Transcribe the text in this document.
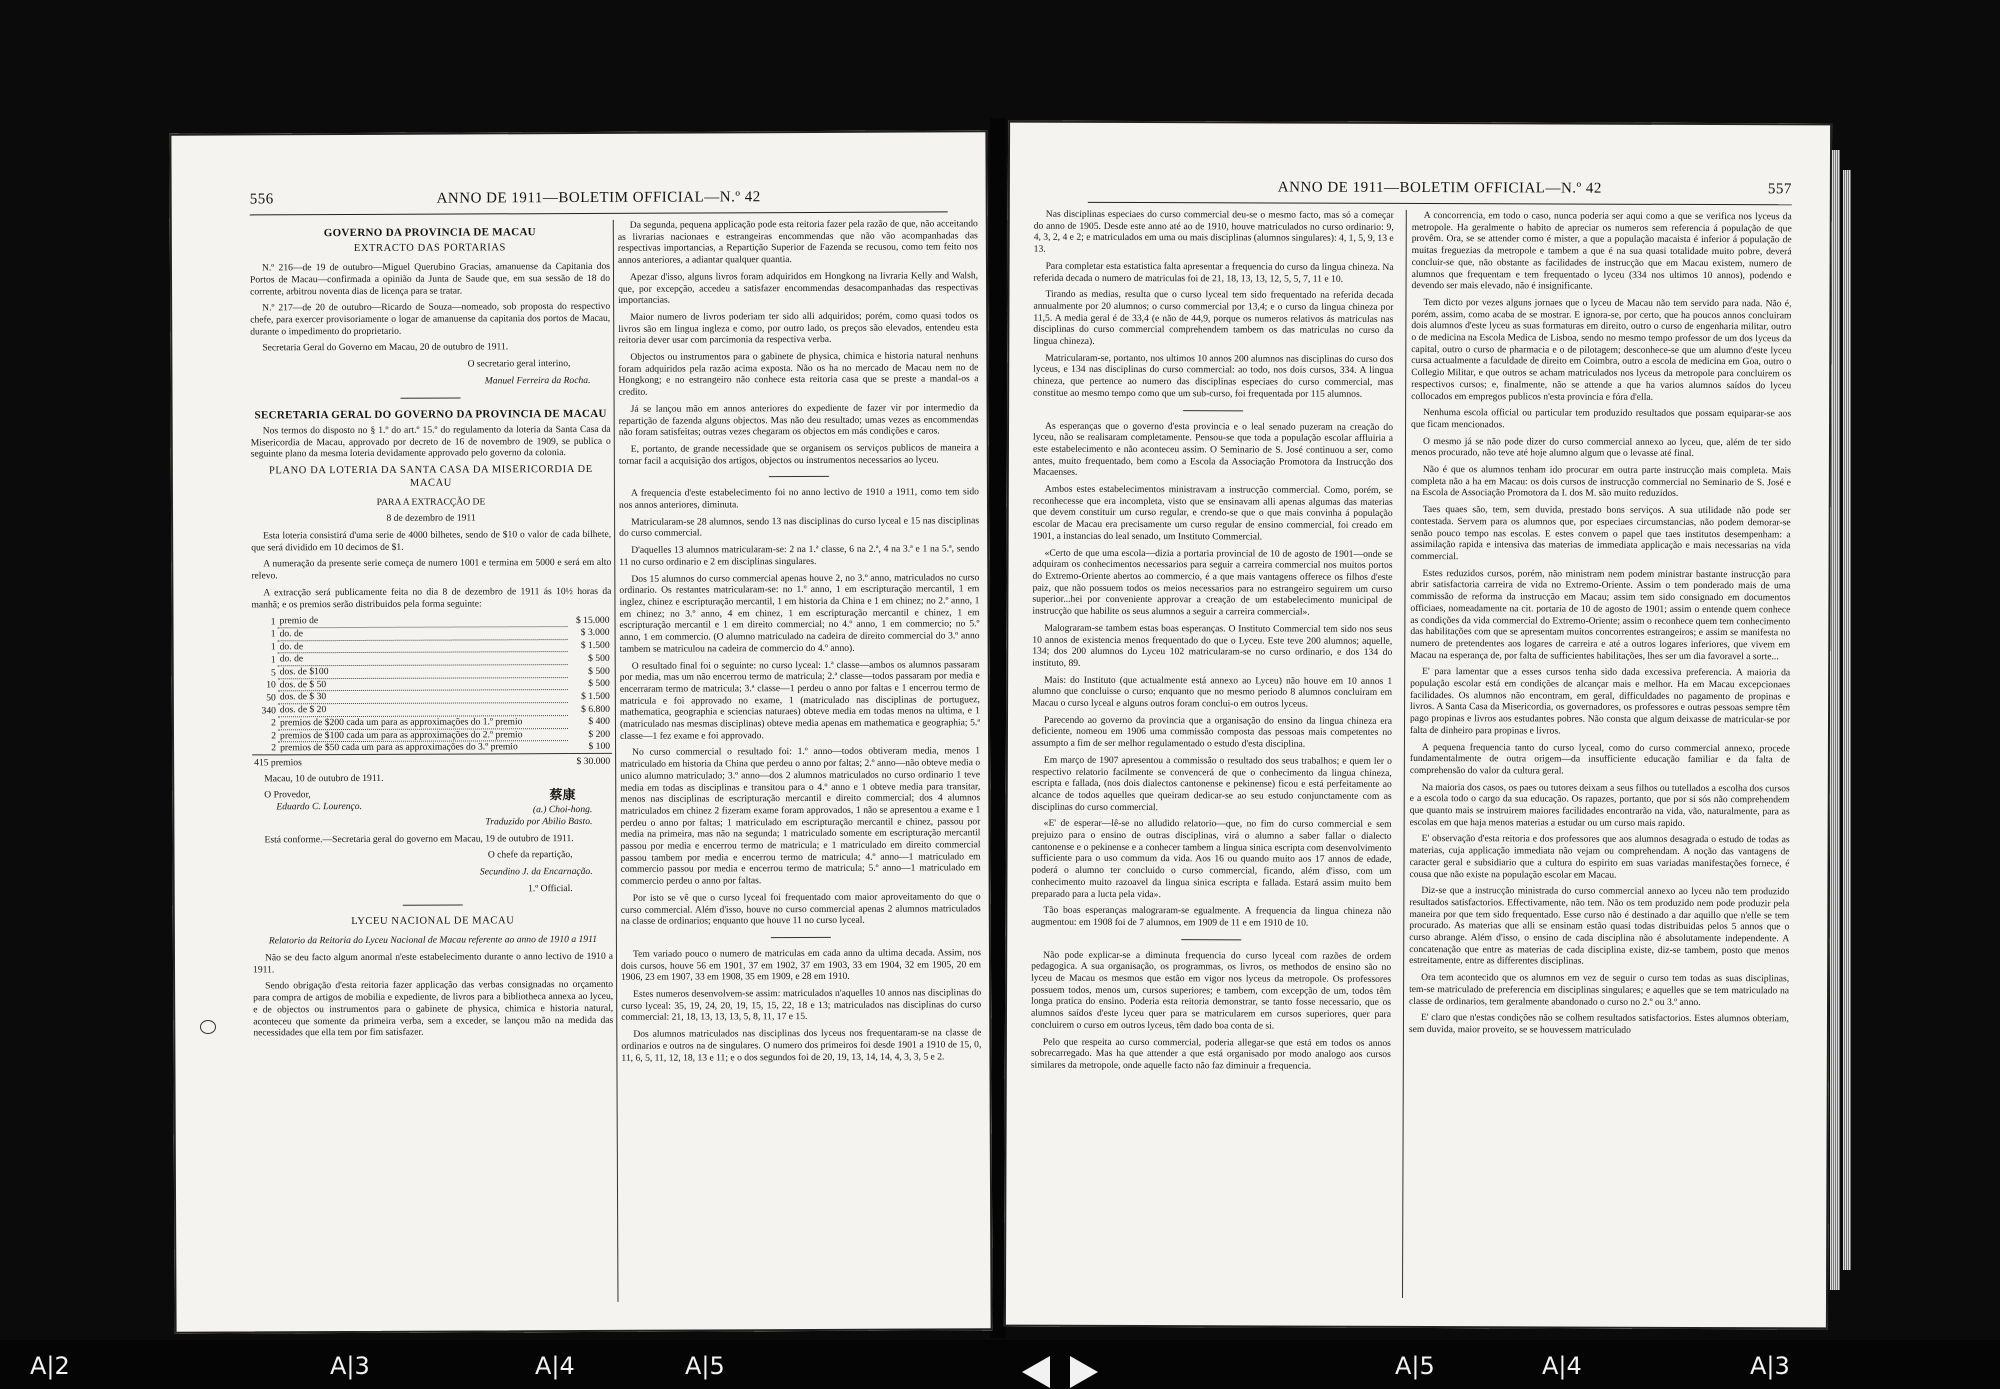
556	ANNO DE 1911—BOLETIM OFFICIAL—N.º 42
GOVERNO DA PROVINCIA DE MACAU
EXTRACTO DAS PORTARIAS

N.º 216—de 19 de outubro—Miguel Querubino Gracias, amanuense da Capitania dos Portos de Macau—confirmada a opinião da Junta de Saude que, em sua sessão de 18 do corrente, arbitrou noventa dias de licença para se tratar.

N.º 217—de 20 de outubro—Ricardo de Souza—nomeado, sob proposta do respectivo chefe, para exercer provisoriamente o logar de amanuense da capitania dos portos de Macau, durante o impedimento do proprietario.

Secretaria Geral do Governo em Macau, 20 de outubro de 1911.

O secretario geral interino,

Manuel Ferreira da Rocha.

SECRETARIA GERAL DO GOVERNO DA PROVINCIA DE MACAU

Nos termos do disposto no § 1.º do art.º 15.º do regulamento da loteria da Santa Casa da Misericordia de Macau, approvado por decreto de 16 de novembro de 1909, se publica o seguinte plano da mesma loteria devidamente approvado pelo governo da colonia.

PLANO DA LOTERIA DA SANTA CASA DA MISERICORDIA DE MACAU

PARA A EXTRACÇÃO DE

8 de dezembro de 1911

Esta loteria consistirá d'uma serie de 4000 bilhetes, sendo de $10 o valor de cada bilhete, que será dividido em 10 decimos de $1.

A numeração da presente serie começa de numero 1001 e termina em 5000 e será em alto relevo.

A extracção será publicamente feita no dia 8 de dezembro de 1911 ás 10½ horas da manhã; e os premios serão distribuidos pela forma seguinte:

1	premio de	$ 15.000
1	do. de	$ 3.000
1	do. de	$ 1.500
1	do. de	$ 500
5	dos. de $100	$ 500
10	dos. de $ 50	$ 500
50	dos. de $ 30	$ 1.500
340	dos. de $ 20	$ 6.800
2	premios de $200 cada um para as approximações do 1.º premio	$ 400
2	premios de $100 cada um para as approximações do 2.º premio	$ 200
2	premios de $50 cada um para as approximações do 3.º premio	$ 100
415 premios		$ 30.000

Macau, 10 de outubro de 1911.

O Provedor,

Eduardo C. Lourenço.

蔡康
(a.) Choi-hong.

Traduzido por Abilio Basto.

Está conforme.—Secretaria geral do governo em Macau, 19 de outubro de 1911.

O chefe da repartição,

Secundino J. da Encarnação.

1.º Official.

LYCEU NACIONAL DE MACAU

Relatorio da Reitoria do Lyceu Nacional de Macau referente ao anno de 1910 a 1911

Não se deu facto algum anormal n'este estabelecimento durante o anno lectivo de 1910 a 1911.

Sendo obrigação d'esta reitoria fazer applicação das verbas consignadas no orçamento para compra de artigos de mobilia e expediente, de livros para a bibliotheca annexa ao lyceu, e de objectos ou instrumentos para o gabinete de physica, chimica e historia natural, aconteceu que somente da primeira verba, sem a exceder, se lançou mão na medida das necessidades que ella tem por fim satisfazer.

Da segunda, pequena applicação pode esta reitoria fazer pela razão de que, não acceitando as livrarias nacionaes e estrangeiras encommendas que não vão acompanhadas das respectivas importancias, a Repartição Superior de Fazenda se recusou, como tem feito nos annos anteriores, a adiantar qualquer quantia.

Apezar d'isso, alguns livros foram adquiridos em Hongkong na livraria Kelly and Walsh, que, por excepção, accedeu a satisfazer encommendas desacompanhadas das respectivas importancias.

Maior numero de livros poderiam ter sido alli adquiridos; porém, como quasi todos os livros são em lingua ingleza e como, por outro lado, os preços são elevados, entendeu esta reitoria dever usar com parcimonia da respectiva verba.

Objectos ou instrumentos para o gabinete de physica, chimica e historia natural nenhuns foram adquiridos pela razão acima exposta. Não os ha no mercado de Macau nem no de Hongkong; e no estrangeiro não conhece esta reitoria casa que se preste a mandal-os a credito.

Já se lançou mão em annos anteriores do expediente de fazer vir por intermedio da repartição de fazenda alguns objectos. Mas não deu resultado; umas vezes as encommendas não foram satisfeitas; outras vezes chegaram os objectos em más condições e caros.

E, portanto, de grande necessidade que se organisem os serviços publicos de maneira a tornar facil a acquisição dos artigos, objectos ou instrumentos necessarios ao lyceu.

A frequencia d'este estabelecimento foi no anno lectivo de 1910 a 1911, como tem sido nos annos anteriores, diminuta.

Matricularam-se 28 alumnos, sendo 13 nas disciplinas do curso lyceal e 15 nas disciplinas do curso commercial.

D'aquelles 13 alumnos matricularam-se: 2 na 1.ª classe, 6 na 2.ª, 4 na 3.ª e 1 na 5.ª, sendo 11 no curso ordinario e 2 em disciplinas singulares.

Dos 15 alumnos do curso commercial apenas houve 2, no 3.º anno, matriculados no curso ordinario. Os restantes matricularam-se: no 1.º anno, 1 em escripturação mercantil, 1 em inglez, chinez e escripturação mercantil, 1 em historia da China e 1 em chinez; no 2.º anno, 1 em chinez; no 3.º anno, 4 em chinez, 1 em escripturação mercantil e chinez, 1 em escripturação mercantil e 1 em direito commercial; no 4.º anno, 1 em commercio; no 5.º anno, 1 em commercio. (O alumno matriculado na cadeira de direito commercial do 3.º anno tambem se matriculou na cadeira de commercio do 4.º anno).

O resultado final foi o seguinte: no curso lyceal: 1.ª classe—ambos os alumnos passaram por media, mas um não encerrou termo de matricula; 2.ª classe—todos passaram por media e encerraram termo de matricula; 3.ª classe—1 perdeu o anno por faltas e 1 encerrou termo de matricula e foi approvado no exame, 1 (matriculado nas disciplinas de portuguez, mathematica, geographia e sciencias naturaes) obteve media em todas menos na ultima, e 1 (matriculado nas mesmas disciplinas) obteve media apenas em mathematica e geographia; 5.ª classe—1 fez exame e foi approvado.

No curso commercial o resultado foi: 1.º anno—todos obtiveram media, menos 1 matriculado em historia da China que perdeu o anno por faltas; 2.º anno—não obteve media o unico alumno matriculado; 3.º anno—dos 2 alumnos matriculados no curso ordinario 1 teve media em todas as disciplinas e transitou para o 4.º anno e 1 obteve media para transitar, menos nas disciplinas de escripturação mercantil e direito commercial; dos 4 alumnos matriculados em chinez 2 fizeram exame foram approvados, 1 não se apresentou a exame e 1 perdeu o anno por faltas; 1 matriculado em escripturação mercantil e chinez, passou por media na primeira, mas não na segunda; 1 matriculado somente em escripturação mercantil passou por media e encerrou termo de matricula; e 1 matriculado em direito commercial passou tambem por media e encerrou termo de matricula; 4.º anno—1 matriculado em commercio passou por media e encerrou termo de matricula; 5.º anno—1 matriculado em commercio perdeu o anno por faltas.

Por isto se vê que o curso lyceal foi frequentado com maior aproveitamento do que o curso commercial. Além d'isso, houve no curso commercial apenas 2 alumnos matriculados na classe de ordinarios; enquanto que houve 11 no curso lyceal.

Tem variado pouco o numero de matriculas em cada anno da ultima decada. Assim, nos dois cursos, houve 56 em 1901, 37 em 1902, 37 em 1903, 33 em 1904, 32 em 1905, 20 em 1906, 23 em 1907, 33 em 1908, 35 em 1909, e 28 em 1910.

Estes numeros desenvolvem-se assim: matriculados n'aquelles 10 annos nas disciplinas do curso lyceal: 35, 19, 24, 20, 19, 15, 15, 22, 18 e 13; matriculados nas disciplinas do curso commercial: 21, 18, 13, 13, 13, 5, 8, 11, 17 e 15.

Dos alumnos matriculados nas disciplinas dos lyceus nos frequentaram-se na classe de ordinarios e outros na de singulares. O numero dos primeiros foi desde 1901 a 1910 de 15, 0, 11, 6, 5, 11, 12, 18, 13 e 11; e o dos segundos foi de 20, 19, 13, 14, 14, 4, 3, 3, 5 e 2.

ANNO DE 1911—BOLETIM OFFICIAL—N.º 42	557

Nas disciplinas especiaes do curso commercial deu-se o mesmo facto, mas só a começar do anno de 1905. Desde este anno até ao de 1910, houve matriculados no curso ordinario: 9, 4, 3, 2, 4 e 2; e matriculados em uma ou mais disciplinas (alumnos singulares): 4, 1, 5, 9, 13 e 13.

Para completar esta estatistica falta apresentar a frequencia do curso da lingua chineza. Na referida decada o numero de matriculas foi de 21, 18, 13, 13, 12, 5, 5, 7, 11 e 10.

Tirando as medias, resulta que o curso lyceal tem sido frequentado na referida decada annualmente por 20 alumnos; o curso commercial por 13,4; e o curso da lingua chineza por 11,5. A media geral é de 33,4 (e não de 44,9, porque os numeros relativos ás matriculas nas disciplinas do curso commercial comprehendem tambem os das matriculas no curso da lingua chineza).

Matricularam-se, portanto, nos ultimos 10 annos 200 alumnos nas disciplinas do curso dos lyceus, e 134 nas disciplinas do curso commercial: ao todo, nos dois cursos, 334. A lingua chineza, que pertence ao numero das disciplinas especiaes do curso commercial, mas constitue ao mesmo tempo como que um sub-curso, foi frequentada por 115 alumnos.

As esperanças que o governo d'esta provincia e o leal senado puzeram na creação do lyceu, não se realisaram completamente. Pensou-se que toda a população escolar affluiria a este estabelecimento e não aconteceu assim. O Seminario de S. José continuou a ser, como antes, muito frequentado, bem como a Escola da Associação Promotora da Instrucção dos Macaenses.

Ambos estes estabelecimentos ministravam a instrucção commercial. Como, porém, se reconhecesse que era incompleta, visto que se ensinavam alli apenas algumas das materias que devem constituir um curso regular, e crendo-se que o que mais convinha á população escolar de Macau era precisamente um curso regular de ensino commercial, foi creado em 1901, a instancias do leal senado, um Instituto Commercial.

«Certo de que uma escola—dizia a portaria provincial de 10 de agosto de 1901—onde se adquiram os conhecimentos necessarios para seguir a carreira commercial nos muitos portos do Extremo-Oriente abertos ao commercio, é a que mais vantagens offerece os filhos d'este paiz, que não possuem todos os meios necessarios para no estrangeiro seguirem um curso superior...hei por conveniente approvar a creação de um estabelecimento municipal de instrucção que habilite os seus alumnos a seguir a carreira commercial».

Malograram-se tambem estas boas esperanças. O Instituto Commercial tem sido nos seus 10 annos de existencia menos frequentado do que o Lyceu. Este teve 200 alumnos; aquelle, 134; dos 200 alumnos do Lyceu 102 matricularam-se no curso ordinario, e dos 134 do instituto, 89.

Mais: do Instituto (que actualmente está annexo ao Lyceu) não houve em 10 annos 1 alumno que concluisse o curso; enquanto que no mesmo periodo 8 alumnos concluiram em Macau o curso lyceal e alguns outros foram conclui-o em outros lyceus.

Parecendo ao governo da provincia que a organisação do ensino da lingua chineza era deficiente, nomeou em 1906 uma commissão composta das pessoas mais competentes no assumpto a fim de ser melhor regulamentado o estudo d'esta disciplina.

Em março de 1907 apresentou a commissão o resultado dos seus trabalhos; e quem ler o respectivo relatorio facilmente se convencerá de que o conhecimento da lingua chineza, escripta e fallada, (nos dois dialectos cantonense e pekinense) ficou e está perfeitamente ao alcance de todos aquelles que queiram dedicar-se ao seu estudo conjunctamente com as disciplinas do curso commercial.

«E' de esperar—lê-se no alludido relatorio—que, no fim do curso commercial e sem prejuizo para o ensino de outras disciplinas, virá o alumno a saber fallar o dialecto cantonense e o pekinense e a conhecer tambem a lingua sinica escripta com desenvolvimento sufficiente para o uso commum da vida. Aos 16 ou quando muito aos 17 annos de edade, poderá o alumno ter concluido o curso commercial, ficando, além d'isso, com um conhecimento muito razoavel da lingua sinica escripta e fallada. Estará assim muito bem preparado para a lucta pela vida».

Tão boas esperanças malograram-se egualmente. A frequencia da lingua chineza não augmentou: em 1908 foi de 7 alumnos, em 1909 de 11 e em 1910 de 10.

Não pode explicar-se a diminuta frequencia do curso lyceal com razões de ordem pedagogica. A sua organisação, os programmas, os livros, os methodos de ensino são no lyceu de Macau os mesmos que estão em vigor nos lyceus da metropole. Os professores possuem todos, menos um, cursos superiores; e tambem, com excepção de um, todos têm longa pratica do ensino. Poderia esta reitoria demonstrar, se tanto fosse necessario, que os alumnos saídos d'este lyceu quer para se matricularem em cursos superiores, quer para concluirem o curso em outros lyceus, têm dado boa conta de si.

Pelo que respeita ao curso commercial, poderia allegar-se que está em todos os annos sobrecarregado. Mas ha que attender a que está organisado por modo analogo aos cursos similares da metropole, onde aquelle facto não faz diminuir a frequencia.

A concorrencia, em todo o caso, nunca poderia ser aqui como a que se verifica nos lyceus da metropole. Ha geralmente o habito de apreciar os numeros sem referencia á população de que provêm. Ora, se se attender como é mister, a que a população macaista é inferior á população de muitas freguezias da metropole e tambem a que é na sua quasi totalidade muito pobre, deverá concluir-se que, não obstante as facilidades de instrucção que em Macau existem, numero de alumnos que frequentam e tem frequentado o lyceu (334 nos ultimos 10 annos), podendo e devendo ser mais elevado, não é insignificante.

Tem dicto por vezes alguns jornaes que o lyceu de Macau não tem servido para nada. Não é, porém, assim, como acaba de se mostrar. E ignora-se, por certo, que ha poucos annos concluiram dois alumnos d'este lyceu as suas formaturas em direito, outro o curso de engenharia militar, outro o de medicina na Escola Medica de Lisboa, sendo no mesmo tempo professor de um dos lyceus da capital, outro o curso de pharmacia e o de pilotagem; desconhece-se que um alumno d'este lyceu cursa actualmente a faculdade de direito em Coimbra, outro a escola de medicina em Goa, outro o Collegio Militar, e que outros se acham matriculados nos lyceus da metropole para concluirem os respectivos cursos; e, finalmente, não se attende a que ha varios alumnos saídos do lyceu collocados em empregos publicos n'esta provincia e fóra d'ella.

Nenhuma escola official ou particular tem produzido resultados que possam equiparar-se aos que ficam mencionados.

O mesmo já se não pode dizer do curso commercial annexo ao lyceu, que, além de ter sido menos procurado, não teve até hoje alumno algum que o levasse até final.

Não é que os alumnos tenham ido procurar em outra parte instrucção mais completa. Mais completa não a ha em Macau: os dois cursos de instrucção commercial no Seminario de S. José e na Escola de Associação Promotora da I. dos M. são muito reduzidos.

Taes quaes são, tem, sem duvida, prestado bons serviços. A sua utilidade não pode ser contestada. Servem para os alumnos que, por especiaes circumstancias, não podem demorar-se senão pouco tempo nas escolas. E estes convem o papel que taes institutos desempenham: a assimilação rapida e intensiva das materias de immediata applicação e mais necessarias na vida commercial.

Estes reduzidos cursos, porém, não ministram nem podem ministrar bastante instrucção para abrir satisfactoria carreira de vida no Extremo-Oriente. Assim o tem ponderado mais de uma commissão de reforma da instrucção em Macau; assim tem sido consignado em documentos officiaes, nomeadamente na cit. portaria de 10 de agosto de 1901; assim o entende quem conhece as condições da vida commercial do Extremo-Oriente; assim o reconhece quem tem conhecimento das habilitações com que se apresentam muitos concorrentes estrangeiros; e assim se manifesta no numero de pretendentes aos logares de carreira e até a outros logares inferiores, que vivem em Macau na esperança de, por falta de sufficientes habilitações, lhes ser um dia favoravel a sorte...

E' para lamentar que a esses cursos tenha sido dada excessiva preferencia. A maioria da população escolar está em condições de alcançar mais e melhor. Ha em Macau excepcionaes facilidades. Os alumnos não encontram, em geral, difficuldades no pagamento de propinas e livros. A Santa Casa da Misericordia, os governadores, os professores e outras pessoas sempre têm pago propinas e livros aos estudantes pobres. Não consta que algum deixasse de matricular-se por falta de dinheiro para propinas e livros.

A pequena frequencia tanto do curso lyceal, como do curso commercial annexo, procede fundamentalmente de outra origem—da insufficiente educação familiar e da falta de comprehensão do valor da cultura geral.

Na maioria dos casos, os paes ou tutores deixam a seus filhos ou tutellados a escolha dos cursos e a escola todo o cargo da sua educação. Os rapazes, portanto, que por si sós não comprehendem que quanto mais se instruirem maiores facilidades encontrarão na vida, vão, naturalmente, para as escolas em que haja menos materias a estudar ou um curso mais rapido.

E' observação d'esta reitoria e dos professores que aos alumnos desagrada o estudo de todas as materias, cuja applicação immediata não vejam ou comprehendam. A noção das vantagens de caracter geral e subsidiario que a cultura do espirito em suas variadas manifestações fornece, é cousa que não existe na população escolar em Macau.

Diz-se que a instrucção ministrada do curso commercial annexo ao lyceu não tem produzido resultados satisfactorios. Effectivamente, não tem. Não os tem produzido nem pode produzir pela maneira por que tem sido frequentado. Esse curso não é destinado a dar aquillo que n'elle se tem procurado. As materias que alli se ensinam estão quasi todas distribuidas pelos 5 annos que o curso abrange. Além d'isso, o ensino de cada disciplina não é absolutamente independente. A concatenação que entre as materias de cada disciplina existe, diz-se tambem, posto que menos estreitamente, entre as differentes disciplinas.

Ora tem acontecido que os alumnos em vez de seguir o curso tem todas as suas disciplinas, tem-se matriculado de preferencia em disciplinas singulares; e aquelles que se tem matriculado na classe de ordinarios, tem geralmente abandonado o curso no 2.º ou 3.º anno.

E' claro que n'estas condições não se colhem resultados satisfactorios. Estes alumnos obteriam, sem duvida, maior proveito, se se houvessem matriculado

A|2	A|3	A|4	A|5	A|5	A|4	A|3
